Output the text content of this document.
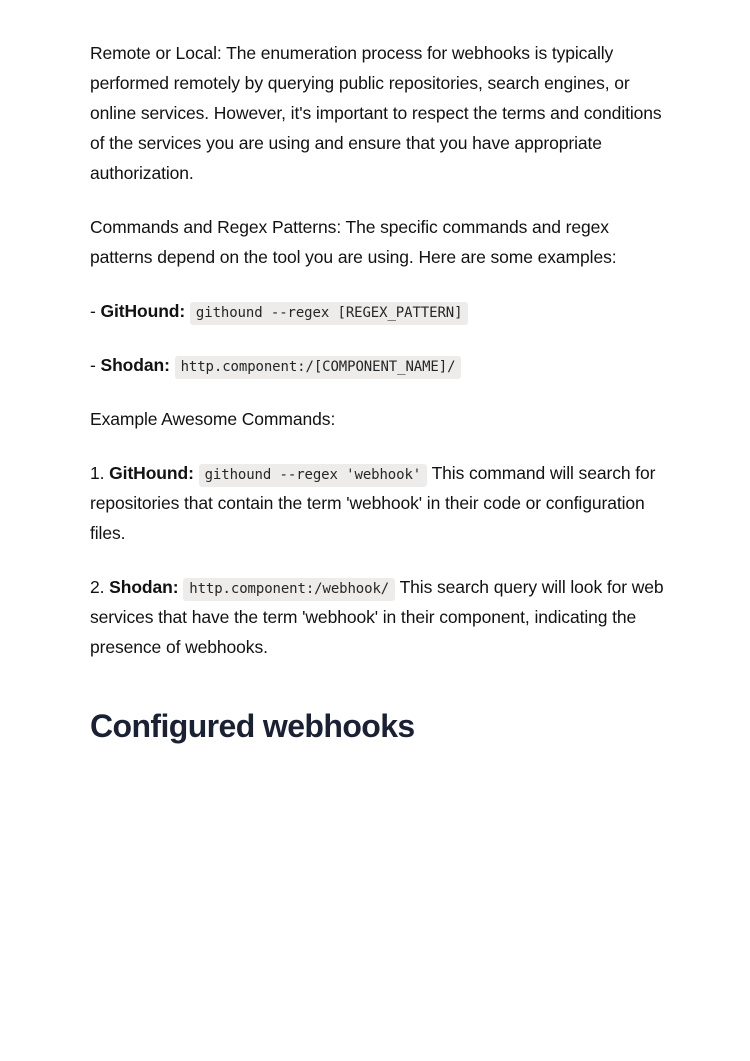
Remote or Local: The enumeration process for webhooks is typically performed remotely by querying public repositories, search engines, or online services. However, it's important to respect the terms and conditions of the services you are using and ensure that you have appropriate authorization.

Commands and Regex Patterns: The specific commands and regex patterns depend on the tool you are using. Here are some examples:

- GitHound: githound --regex [REGEX_PATTERN]

- Shodan: http.component:/[COMPONENT_NAME]/

Example Awesome Commands:

1. GitHound: githound --regex 'webhook' This command will search for repositories that contain the term 'webhook' in their code or configuration files.

2. Shodan: http.component:/webhook/ This search query will look for web services that have the term 'webhook' in their component, indicating the presence of webhooks.

Configured webhooks
